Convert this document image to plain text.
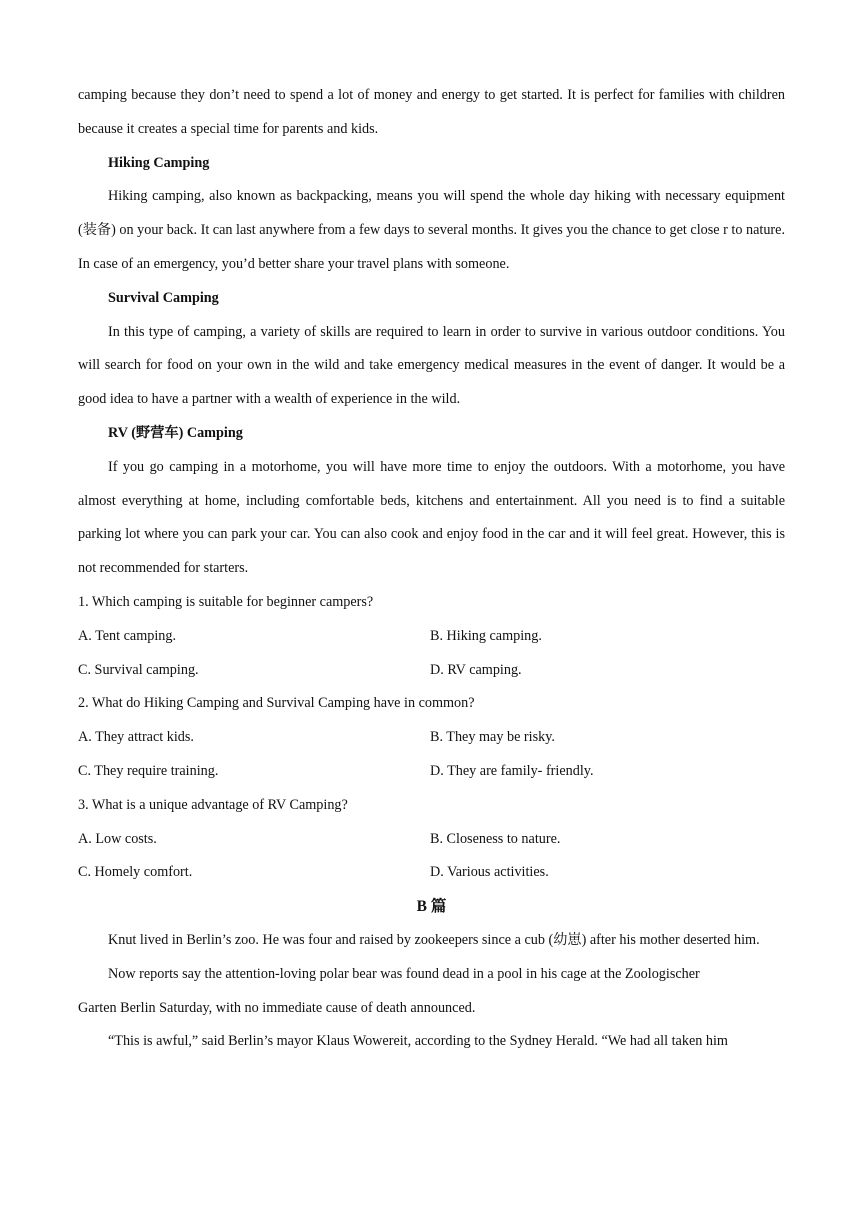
camping because they don’t need to spend a lot of money and energy to get started. It is perfect for families with children because it creates a special time for parents and kids.

Hiking Camping

Hiking camping, also known as backpacking, means you will spend the whole day hiking with necessary equipment (装备) on your back. It can last anywhere from a few days to several months. It gives you the chance to get close r to nature. In case of an emergency, you’d better share your travel plans with someone.

Survival Camping

In this type of camping, a variety of skills are required to learn in order to survive in various outdoor conditions. You will search for food on your own in the wild and take emergency medical measures in the event of danger. It would be a good idea to have a partner with a wealth of experience in the wild.

RV (野营车) Camping

If you go camping in a motorhome, you will have more time to enjoy the outdoors. With a motorhome, you have almost everything at home, including comfortable beds, kitchens and entertainment. All you need is to find a suitable parking lot where you can park your car. You can also cook and enjoy food in the car and it will feel great. However, this is not recommended for starters.

1. Which camping is suitable for beginner campers?

A. Tent camping.	B. Hiking camping.
C. Survival camping.	D. RV camping.

2. What do Hiking Camping and Survival Camping have in common?

A. They attract kids.	B. They may be risky.
C. They require training.	D. They are family- friendly.

3. What is a unique advantage of RV Camping?

A. Low costs.	B. Closeness to nature.
C. Homely comfort.	D. Various activities.

B 篇

Knut lived in Berlin’s zoo. He was four and raised by zookeepers since a cub (幼崽) after his mother deserted him.

Now reports say the attention-loving polar bear was found dead in a pool in his cage at the Zoologischer

Garten Berlin Saturday, with no immediate cause of death announced.

“This is awful,” said Berlin’s mayor Klaus Wowereit, according to the Sydney Herald. “We had all taken him
